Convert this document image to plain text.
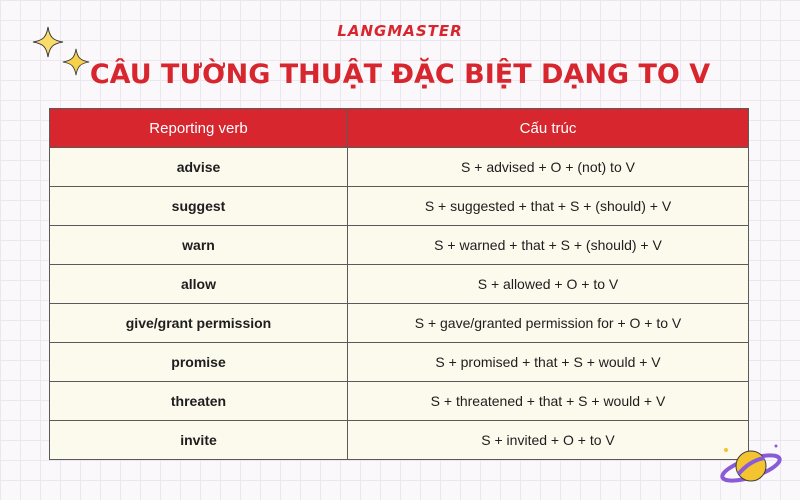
LANGMASTER
CÂU TƯỜNG THUẬT ĐẶC BIỆT DẠNG TO V
Reporting verb	Cấu trúc
advise	S + advised + O + (not) to V
suggest	S + suggested + that + S + (should) + V
warn	S + warned + that + S + (should) + V
allow	S + allowed + O + to V
give/grant permission	S + gave/granted permission for + O + to V
promise	S + promised + that + S + would + V
threaten	S + threatened + that + S + would + V
invite	S + invited + O + to V
